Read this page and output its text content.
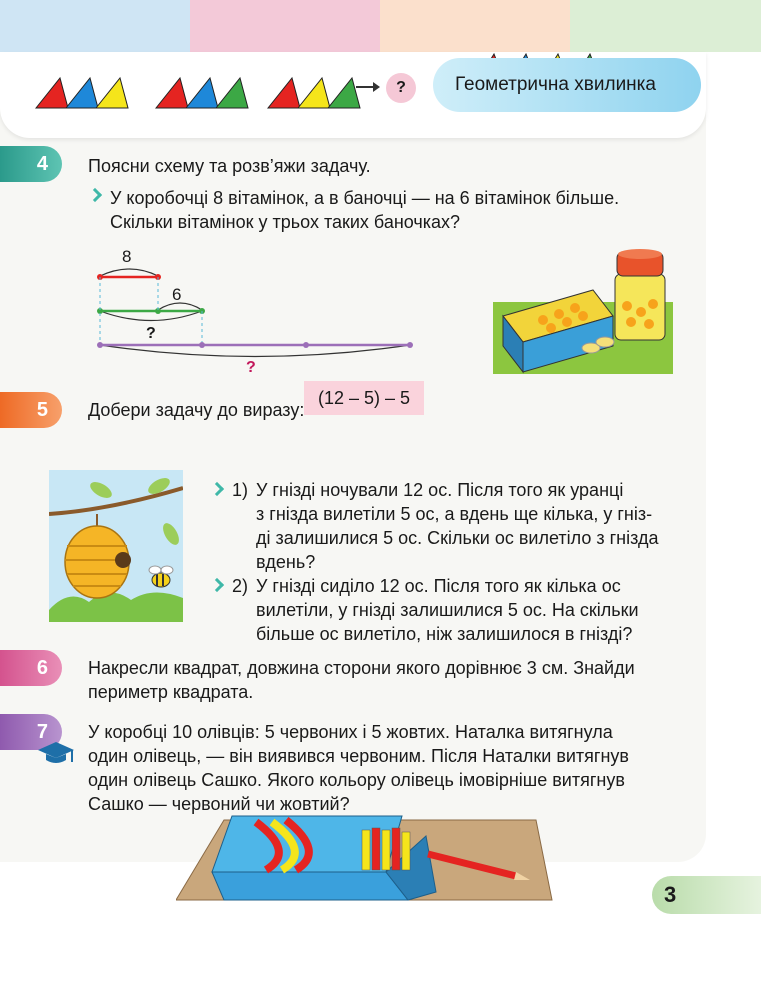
?	Геометрична хвилинка
4	Поясни схему та розв’яжи задачу.
У коробочці 8 вітамінок, а в баночці — на 6 вітамінок більше.
Скільки вітамінок у трьох таких баночках?
8
6
?
?
5	Добери задачу до виразу:
(12 – 5) – 5
1) У гнізді ночували 12 ос. Після того як уранці
з гнізда вилетіли 5 ос, а вдень ще кілька, у гніз-
ді залишилися 5 ос. Скільки ос вилетіло з гнізда
вдень?
2) У гнізді сиділо 12 ос. Після того як кілька ос
вилетіли, у гнізді залишилися 5 ос. На скільки
більше ос вилетіло, ніж залишилося в гнізді?
6	Накресли квадрат, довжина сторони якого дорівнює 3 см. Знайди
периметр квадрата.
7	У коробці 10 олівців: 5 червоних і 5 жовтих. Наталка витягнула
один олівець, — він виявився червоним. Після Наталки витягнув
один олівець Сашко. Якого кольору олівець імовірніше витягнув
Сашко — червоний чи жовтий?
3
